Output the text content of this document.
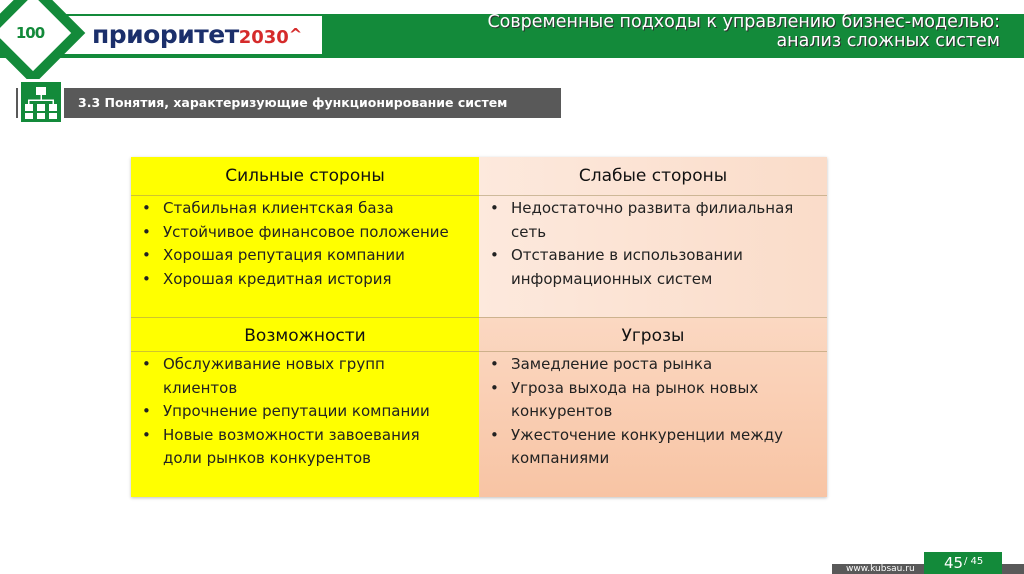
приоритет2030^
100
Современные подходы к управлению бизнес-моделью:
анализ сложных систем
3.3 Понятия, характеризующие функционирование систем
Сильные стороны
• Стабильная клиентская база
• Устойчивое финансовое положение
• Хорошая репутация компании
• Хорошая кредитная история
Слабые стороны
• Недостаточно развита филиальная сеть
• Отставание в использовании информационных систем
Возможности
• Обслуживание новых групп клиентов
• Упрочнение репутации компании
• Новые возможности завоевания доли рынков конкурентов
Угрозы
• Замедление роста рынка
• Угроза выхода на рынок новых конкурентов
• Ужесточение конкуренции между компаниями
www.kubsau.ru 45 / 45
